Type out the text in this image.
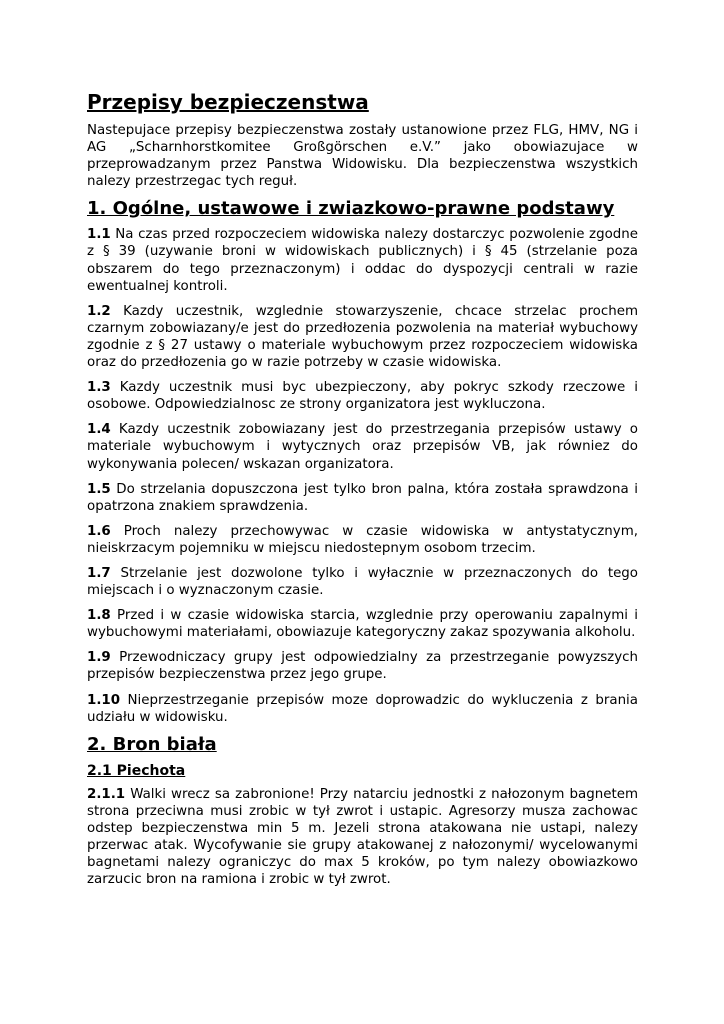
Przepisy bezpieczenstwa

Nastepujace przepisy bezpieczenstwa zostały ustanowione przez FLG, HMV, NG i AG „Scharnhorstkomitee Großgörschen e.V.” jako obowiazujace w przeprowadzanym przez Panstwa Widowisku. Dla bezpieczenstwa wszystkich nalezy przestrzegac tych reguł.

1. Ogólne, ustawowe i zwiazkowo-prawne podstawy

1.1 Na czas przed rozpoczeciem widowiska nalezy dostarczyc pozwolenie zgodne z § 39 (uzywanie broni w widowiskach publicznych) i § 45 (strzelanie poza obszarem do tego przeznaczonym) i oddac do dyspozycji centrali w razie ewentualnej kontroli.

1.2 Kazdy uczestnik, wzglednie stowarzyszenie, chcace strzelac prochem czarnym zobowiazany/e jest do przedłozenia pozwolenia na materiał wybuchowy zgodnie z § 27 ustawy o materiale wybuchowym przez rozpoczeciem widowiska oraz do przedłozenia go w razie potrzeby w czasie widowiska.

1.3 Kazdy uczestnik musi byc ubezpieczony, aby pokryc szkody rzeczowe i osobowe. Odpowiedzialnosc ze strony organizatora jest wykluczona.

1.4 Kazdy uczestnik zobowiazany jest do przestrzegania przepisów ustawy o materiale wybuchowym i wytycznych oraz przepisów VB, jak równiez do wykonywania polecen/ wskazan organizatora.

1.5 Do strzelania dopuszczona jest tylko bron palna, która została sprawdzona i opatrzona znakiem sprawdzenia.

1.6 Proch nalezy przechowywac w czasie widowiska w antystatycznym, nieiskrzacym pojemniku w miejscu niedostepnym osobom trzecim.

1.7 Strzelanie jest dozwolone tylko i wyłacznie w przeznaczonych do tego miejscach i o wyznaczonym czasie.

1.8 Przed i w czasie widowiska starcia, wzglednie przy operowaniu zapalnymi i wybuchowymi materiałami, obowiazuje kategoryczny zakaz spozywania alkoholu.

1.9 Przewodniczacy grupy jest odpowiedzialny za przestrzeganie powyzszych przepisów bezpieczenstwa przez jego grupe.

1.10 Nieprzestrzeganie przepisów moze doprowadzic do wykluczenia z brania udziału w widowisku.

2. Bron biała
2.1 Piechota

2.1.1 Walki wrecz sa zabronione! Przy natarciu jednostki z nałozonym bagnetem strona przeciwna musi zrobic w tył zwrot i ustapic. Agresorzy musza zachowac odstep bezpieczenstwa min 5 m. Jezeli strona atakowana nie ustapi, nalezy przerwac atak. Wycofywanie sie grupy atakowanej z nałozonymi/ wycelowanymi bagnetami nalezy ograniczyc do max 5 kroków, po tym nalezy obowiazkowo zarzucic bron na ramiona i zrobic w tył zwrot.
